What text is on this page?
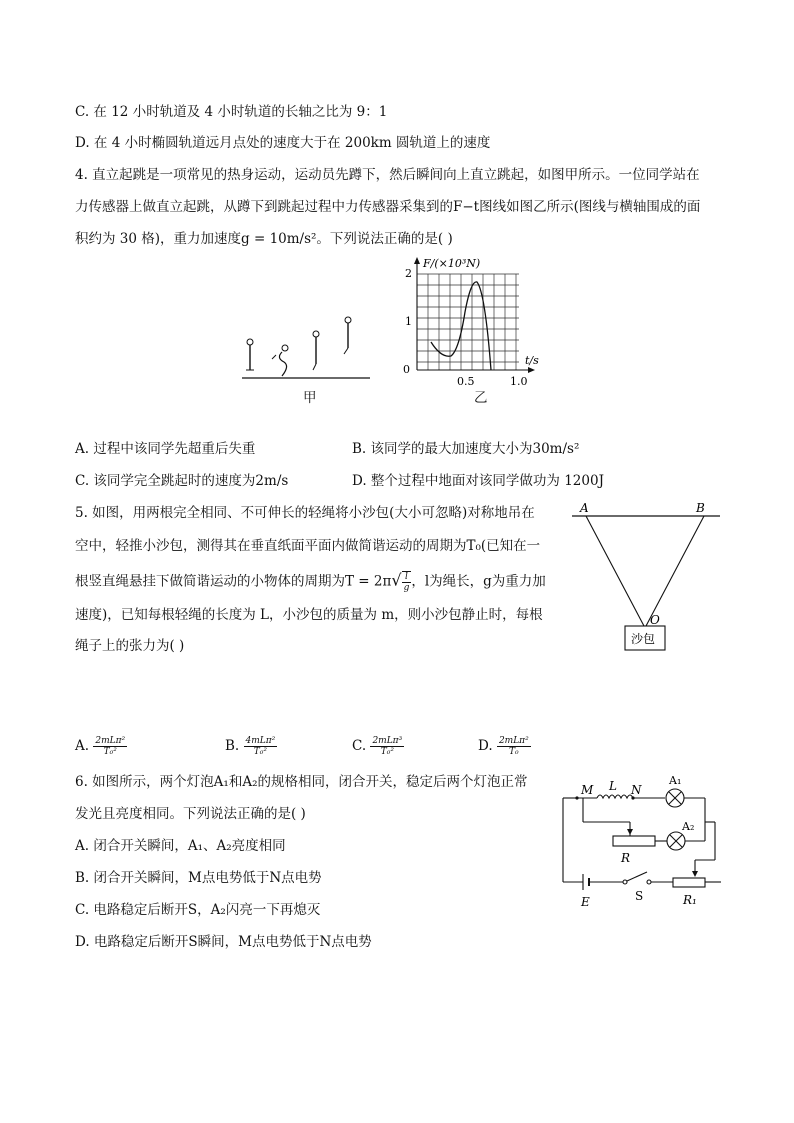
C. 在 12 小时轨道及 4 小时轨道的长轴之比为 9：1
D. 在 4 小时椭圆轨道远月点处的速度大于在 200km 圆轨道上的速度
4. 直立起跳是一项常见的热身运动，运动员先蹲下，然后瞬间向上直立跳起，如图甲所示。一位同学站在
力传感器上做直立起跳，从蹲下到跳起过程中力传感器采集到的F−t图线如图乙所示(图线与横轴围成的面
积约为 30 格)，重力加速度g = 10m/s²。下列说法正确的是( )
甲
F/(×10³N)
2
1
0
0.5	1.0
t/s
乙
A. 过程中该同学先超重后失重	B. 该同学的最大加速度大小为30m/s²
C. 该同学完全跳起时的速度为2m/s	D. 整个过程中地面对该同学做功为 1200J
5. 如图，用两根完全相同、不可伸长的轻绳将小沙包(大小可忽略)对称地吊在
空中，轻推小沙包，测得其在垂直纸面平面内做简谐运动的周期为T₀(已知在一
根竖直绳悬挂下做简谐运动的小物体的周期为$T = 2\pi√ \frac{l}{g}$ ，l为绳长，g为重力加
速度)，已知每根轻绳的长度为 L，小沙包的质量为 m，则小沙包静止时，每根
绳子上的张力为( )
A	B
O
沙包
A. $\frac{\text{2mLπ²}}{\text{T₀²}}$	B. $\frac{\text{4mLπ²}}{\text{T₀²}}$	C. $\frac{\text{2mLπ³}}{\text{T₀²}}$	D. $\frac{\text{2mLπ²}}{\text{T₀}}$
6. 如图所示，两个灯泡A₁和A₂的规格相同，闭合开关，稳定后两个灯泡正常
发光且亮度相同。下列说法正确的是( )
A. 闭合开关瞬间，A₁、A₂亮度相同
B. 闭合开关瞬间，M点电势低于N点电势
C. 电路稳定后断开S，A₂闪亮一下再熄灭
D. 电路稳定后断开S瞬间，M点电势低于N点电势
M L N
A₁
A₂
R
E	S	R₁
